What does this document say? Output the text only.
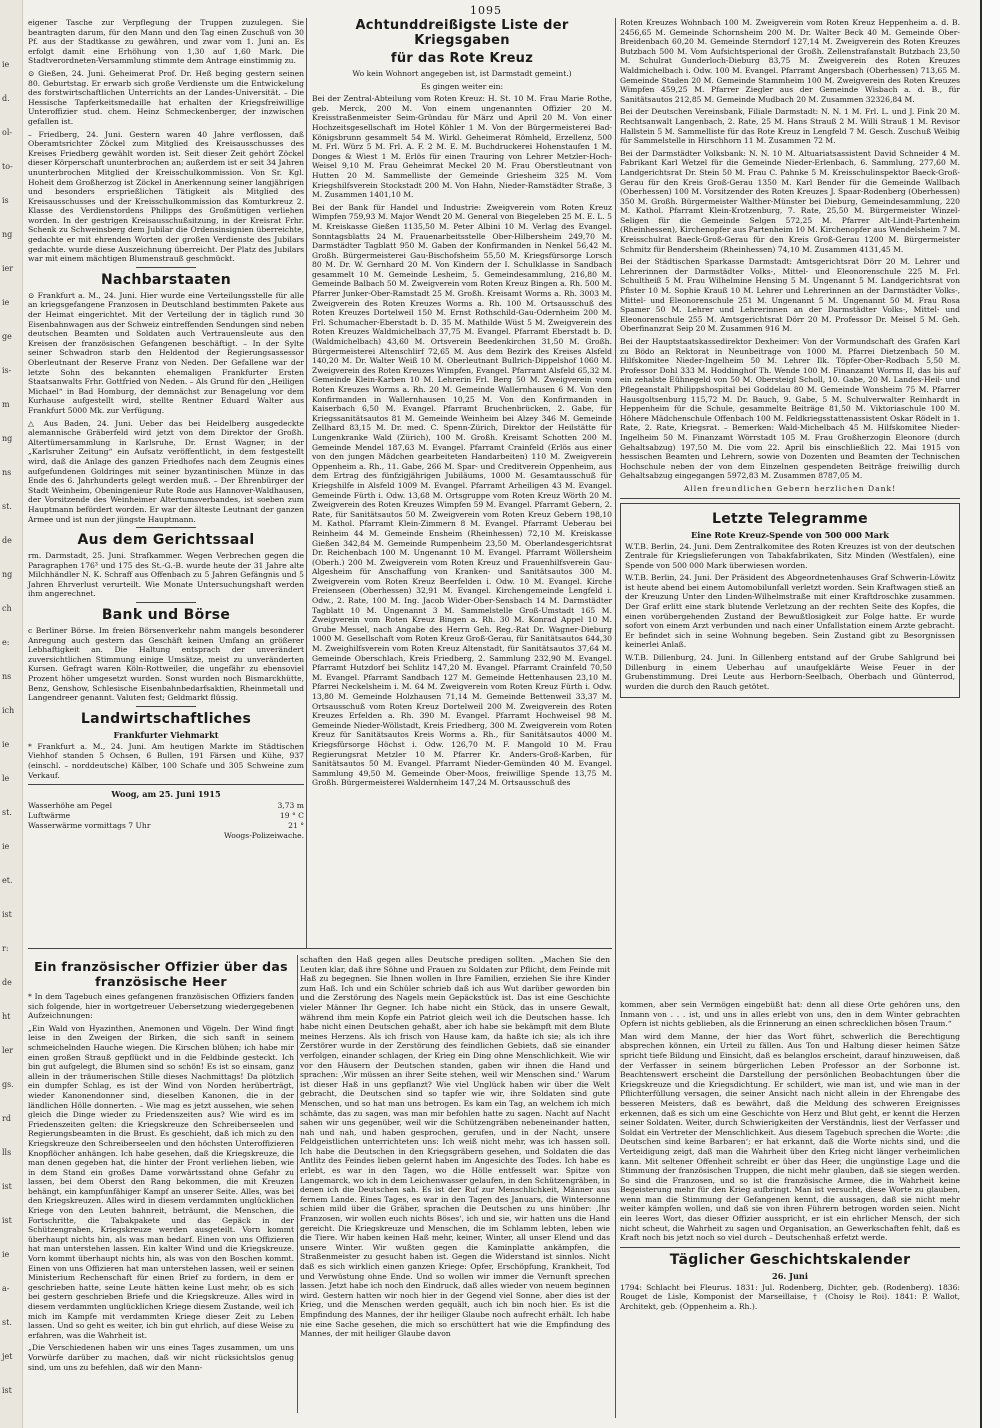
ie
d.
ol-
to-
is
ng
ier
ie
ge
is-
m
ng
ns
st.
de
ng
ch
e:
ns
ich
ie
le
st.
ie
et.
ist
r:
de
ht
ler
gs.
rd
lls
ist
ist
ie
a-
st.
jet
ist
1095

eigener Tasche zur Verpflegung der Truppen zuzulegen. Sie beantragten darum, für den Mann und den Tag einen Zuschuß von 30 Pf. aus der Stadtkasse zu gewähren, und zwar vom 1. Juni an. Es erfolgt damit eine Erhöhung von 1,30 auf 1,60 Mark. Die Stadtverordneten-Versammlung stimmte dem Antrage einstimmig zu.

⊙ Gießen, 24. Juni. Geheimerat Prof. Dr. Heß beging gestern seinen 80. Geburtstag. Er erwarb sich große Verdienste um die Entwickelung des forstwirtschaftlichen Unterrichts an der Landes-Universität. – Die Hessische Tapferkeitsmedaille hat erhalten der Kriegsfreiwillige Unteroffizier stud. chem. Heinz Schmeckenberger, der inzwischen gefallen ist.

– Friedberg, 24. Juni. Gestern waren 40 Jahre verflossen, daß Oberamtsrichter Zöckel zum Mitglied des Kreisausschusses des Kreises Friedberg gewählt worden ist. Seit dieser Zeit gehört Zöckel dieser Körperschaft ununterbrochen an; außerdem ist er seit 34 Jahren ununterbrochen Mitglied der Kreisschulkommission. Von Sr. Kgl. Hoheit dem Großherzog ist Zöckel in Anerkennung seiner langjährigen und besonders ersprießlichen Tätigkeit als Mitglied des Kreisausschusses und der Kreisschulkommission das Komturkreuz 2. Klasse des Verdienstordens Philipps des Großmütigen verliehen worden. In der gestrigen Kreisausschußsitzung, in der Kreisrat Frhr. Schenk zu Schweinsberg dem Jubilar die Ordensinsignien überreichte, gedachte er mit ehrenden Worten der großen Verdienste des Jubilars gedachte. wurde diese Auszeichnung überreicht. Der Platz des Jubilars war mit einem mächtigen Blumenstrauß geschmückt.

Nachbarstaaten

⊙ Frankfurt a. M., 24. Juni. Hier wurde eine Verteilungsstelle für alle an kriegsgefangene Franzosen in Deutschland bestimmten Pakete aus der Heimat eingerichtet. Mit der Verteilung der in täglich rund 30 Eisenbahnwagen aus der Schweiz eintreffenden Sendungen sind neben deutschen Beamten und Soldaten auch Vertrauensleute aus den Kreisen der französischen Gefangenen beschäftigt. – In der Sylte seiner Schwadron starb den Heldentod der Regierungsassessor Oberleutnant der Reserve Franz von Neden. Der Gefallene war der letzte Sohn des bekannten ehemaligen Frankfurter Ersten Staatsanwalts Frhr. Gottfried von Neden. – Als Grund für den „Heiligen Michael“ in Bad Homburg, der demnächst zur Benagelung vor dem Kurhause aufgestellt wird, stellte Rentner Eduard Walter aus Frankfurt 5000 Mk. zur Verfügung.

△ Aus Baden, 24. Juni. Ueber das bei Heidelberg ausgedeckte alemannische Gräberfeld wird jetzt von dem Direktor der Großh. Altertümersammlung in Karlsruhe, Dr. Ernst Wagner, in der „Karlsruher Zeitung“ ein Aufsatz veröffentlicht, in dem festgestellt wird, daß die Anlage des ganzen Friedhofes nach dem Zeugnis eines aufgefundenen Goldringes mit seiner byzantinischen Münze in das Ende des 6. Jahrhunderts gelegt werden muß. – Der Ehrenbürger der Stadt Weinheim, Obeningenieur Rute Rode aus Hannover-Waldhausen, der Vorsitzende des Weinheimer Altertumsverbandes, ist soeben zum Hauptmann befördert worden. Er war der älteste Leutnant der ganzen Armee und ist nun der jüngste Hauptmann.

Aus dem Gerichtssaal

rm. Darmstadt, 25. Juni. Strafkammer. Wegen Verbrechen gegen die Paragraphen 176³ und 175 des St.-G.-B. wurde heute der 31 Jahre alte Milchhändler N. K. Schraff aus Offenbach zu 5 Jahren Gefängnis und 5 Jahren Ehrverlust verurteilt. Wie Monate Untersuchungshaft werden ihm angerechnet.

Bank und Börse

c Berliner Börse. Im freien Börsenverkehr nahm mangels besonderer Anregung auch gestern das Geschäft keinen Umfang an größerer Lebhaftigkeit an. Die Haltung entsprach der unverändert zuversichtlichen Stimmung einige Umsätze, meist zu unveränderten Kursen. Gefragt waren Köln-Rottweiler, die ungefähr zu ebensoviel Prozent höher umgesetzt wurden. Sonst wurden noch Bismarckhütte, Benz, Genshow, Schlesische Eisenbahnbedarfsaktien, Rheinmetall und Langendreer genannt. Valuten fest; Geldmarkt flüssig.

Landwirtschaftliches
Frankfurter Viehmarkt

* Frankfurt a. M., 24. Juni. Am heutigen Markte im Städtischen Viehhof standen 5 Ochsen, 6 Bullen, 191 Färsen und Kühe, 937 (einschl. – norddeutsche) Kälber, 100 Schafe und 305 Schweine zum Verkauf.

Woog, am 25. Juni 1915
Wasserhöhe am Pegel	3,73 m
Luftwärme	19 ° C
Wasserwärme vormittags 7 Uhr	21 °
Woogs-Polizeiwache.
Achtunddreißigste Liste der Kriegsgaben
für das Rote Kreuz

Wo kein Wohnort angegeben ist, ist Darmstadt gemeint.)

Es gingen weiter ein:

Bei der Zentral-Abteilung vom Roten Kreuz: H. St. 10 M. Frau Marie Rothe, geb. Merck, 200 M. Von einem ungenannten Offizier 20 M. Kreisstraßenmeister Seim-Gründau für März und April 20 M. Von einer Hochzeitsgesellschaft im Hotel Köhler 1 M. Von der Bürgermeisterei Bad-Königsbrunn gesammelt 54 M. Wirkl. Geheimerat Römheld, Erzellenz, 500 M. Frl. Würz 5 M. Frl. A. F. 2 M. E. M. Buchdruckerei Hohenstaufen 1 M. Donges & Wiest 1 M. Erlös für einen Trauring von Lehrer Metzler-Hoch-Weisel 9,10 M. Frau Geheimrat Meckel 20 M. Frau Oberstleutnant von Hutten 20 M. Sammelliste der Gemeinde Griesheim 325 M. Vom Kriegshilfsverein Stockstadt 200 M. Von Hahn, Nieder-Ramstädter Straße, 3 M. Zusammen 1401,10 M.

Bei der Bank für Handel und Industrie: Zweigverein vom Roten Kreuz Wimpfen 759,93 M. Major Wendt 20 M. General von Biegeleben 25 M. E. L. 5 M. Kreiskasse Gießen 1135,50 M. Peter Albini 10 M. Verlag des Evangel. Sonntagsblatts 24 M. Frauenarbeitsstelle Ober-Hilbersheim 249,70 M. Darmstädter Tagblatt 950 M. Gaben der Konfirmanden in Nenkel 56,42 M. Großh. Bürgermeisterei Gau-Bischofsheim 55,50 M. Kriegsfürsorge Lorsch 80 M. Dr. W. Gernhard 20 M. Von Kindern der I. Schulklasse in Sandbach gesammelt 10 M. Gemeinde Lesheim, 5. Gemeindesammlung, 216,80 M. Gemeinde Balbach 50 M. Zweigverein vom Roten Kreuz Bingen a. Rh. 500 M. Pfarrer Junker-Ober-Ramstadt 25 M. Großh. Kreisamt Worms a. Rh. 3003 M. Zweigverein des Roten Kreuzes Worms a. Rh. 100 M. Ortsausschuß des Roten Kreuzes Dortelweil 150 M. Ernst Rothschild-Gau-Odernheim 200 M. Frl. Schumacher-Eberstadt b. D. 35 M. Mathilde Wüst 5 M. Zweigverein des Roten Kreuzes Waldmichelbach 37,75 M. Evangel. Pfarramt Eberstadt b. D. (Waldmichelbach) 43,60 M. Ortsverein Beedenkirchen 31,50 M. Großh. Bürgermeisterei Altenschlirf 72,65 M. Aus dem Bezirk des Kreises Alsfeld 140,20 M. Dr. Walter Weiß 10 M. Oberleutnant Bullrich-Dippelshof 1060 M. Zweigverein des Roten Kreuzes Wimpfen, Evangel. Pfarramt Alsfeld 65,32 M. Gemeinde Klein-Karben 10 M. Lehrerin Frl. Berg 50 M. Zweigverein vom Roten Kreuzes Worms a. Rh. 20 M. Gemeinde Wallernhausen 6 M. Von den Konfirmanden in Wallernhausen 10,25 M. Von den Konfirmanden in Kaiserbach 6,50 M. Evangel. Pfarramt Bruchenbrücken, 2. Gabe, für Kriegssanitätsautos 81 M. Gemeinde Weinheim bei Alzey 346 M. Gemeinde Zellhard 83,15 M. Dr. med. C. Spenn-Zürich, Direktor der Heilstätte für Lungenkranke Wald (Zürich), 100 M. Großh. Kreisamt Schotten 200 M. Gemeinde Mendel 187,63 M. Evangel. Pfarramt Crainfeld (Erlös aus einer von den jungen Mädchen gearbeiteten Handarbeiten) 110 M. Zweigverein Oppenheim a. Rh., 11. Gabe, 266 M. Spar- und Creditverein Oppenheim, aus dem Ertrag des fünfzigjährigen Jubiläums, 1000 M. Gesamtausschuß für Kriegshilfe in Alsfeld 1009 M. Evangel. Pfarramt Arheiligen 43 M. Evangel. Gemeinde Fürth i. Odw. 13,68 M. Ortsgruppe vom Roten Kreuz Wörth 20 M. Zweigverein des Roten Kreuzes Wimpfen 59 M. Evangel. Pfarramt Gebern, 2. Rate, für Sanitätsautos 50 M. Zweigverein vom Roten Kreuz Gebern 198,10 M. Kathol. Pfarramt Klein-Zimmern 8 M. Evangel. Pfarramt Ueberau bei Reinheim 44 M. Gemeinde Ensheim (Rheinhessen) 72,10 M. Kreiskasse Gießen 342,84 M. Gemeinde Rumpenheim 23,50 M. Oberlandesgerichtsrat Dr. Reichenbach 100 M. Ungenannt 10 M. Evangel. Pfarramt Wöllersheim (Oberh.) 200 M. Zweigverein vom Roten Kreuz und Frauenhilfsverein Gau-Algesheim für Anschaffung von Kranken- und Sanitätsautos 300 M. Zweigverein vom Roten Kreuz Beerfelden i. Odw. 10 M. Evangel. Kirche Freienseen (Oberhessen) 32,91 M. Evangel. Kirchengemeinde Lengfeld i. Odw., 2. Rate, 100 M. Ing. Jacob Wider-Ober-Sensbach 14 M. Darmstädter Tagblatt 10 M. Ungenannt 3 M. Sammelstelle Groß-Umstadt 165 M. Zweigverein vom Roten Kreuz Bingen a. Rh. 30 M. Konrad Appel 10 M. Grube Messel, nach Angabe des Herrn Geh. Reg.-Rat Dr. Wagner-Dieburg 1000 M. Gesellschaft vom Roten Kreuz Groß-Gerau, für Sanitätsautos 644,30 M. Zweighilfsverein vom Roten Kreuz Altenstadt, für Sanitätsautos 37,64 M. Gemeinde Oberschlach, Kreis Friedberg, 2. Sammlung 232,90 M. Evangel. Pfarramt Hutzdorf bei Schlitz 147,20 M. Evangel. Pfarramt Crainfeld 70,50 M. Evangel. Pfarramt Sandbach 127 M. Gemeinde Hettenhausen 23,10 M. Pfarrei Neckelsheim i. M. 64 M. Zweigverein vom Roten Kreuz Fürth i. Odw. 13,80 M. Gemeinde Holzhausen 71,14 M. Gemeinde Bettenweil 33,37 M. Ortsausschuß vom Roten Kreuz Dortelweil 200 M. Zweigverein des Roten Kreuzes Erfelden a. Rh. 390 M. Evangel. Pfarramt Hochweisel 98 M. Gemeinde Nieder-Wöllstadt, Kreis Friedberg, 300 M. Zweigverein vom Roten Kreuz für Sanitätsautos Kreis Worms a. Rh., für Sanitätsautos 4000 M. Kriegsfürsorge Höchst i. Odw. 126,70 M. F. Mangold 10 M. Frau Regierungsrat Metzler 10 M. Pfarrer Kr. Anders-Groß-Karben, für Sanitätsautos 50 M. Evangel. Pfarramt Nieder-Gemünden 40 M. Evangel. Sammlung 49,50 M. Gemeinde Ober-Moos, freiwillige Spende 13,75 M. Großh. Bürgermeisterei Waldernheim 147,24 M. Ortsausschuß des

Roten Kreuzes Wohnbach 100 M. Zweigverein vom Roten Kreuz Heppenheim a. d. B. 2456,65 M. Gemeinde Schornsheim 200 M. Dr. Walter Beck 40 M. Gemeinde Ober-Breidenbach 60,20 M. Gemeinde Sterndorf 127,14 M. Zweigverein des Roten Kreuzes Butzbach 500 M. Vom Aufsichtsperional der Großh. Zellenstrafanstalt Butzbach 23,50 M. Schulrat Gunderloch-Dieburg 83,75 M. Zweigverein des Roten Kreuzes Waldmichelbach i. Odw. 100 M. Evangel. Pfarramt Angersbach (Oberhessen) 713,65 M. Gemeinde Staden 20 M. Gemeinde Stammheim 100 M. Zweigverein des Roten Kreuzes Wimpfen 459,25 M. Pfarrer Ziegler aus der Gemeinde Wisbach a. d. B., für Sanitätsautos 212,85 M. Gemeinde Mudbach 20 M. Zusammen 32326,84 M.

Bei der Deutschen Vereinsbank, Filiale Darmstadt: N. N. 1 M. Frl. L. und J. Fink 20 M. Rechtsanwalt Langenbach, 2. Rate, 25 M. Hans Strauß 2 M. Willi Strauß 1 M. Revisor Hallstein 5 M. Sammelliste für das Rote Kreuz in Lengfeld 7 M. Gesch. Zuschuß Weibig für Sammelstelle in Hirschhorn 11 M. Zusammen 72 M.

Bei der Darmstädter Volksbank: N. N. 10 M. Altuariatsassistent David Schneider 4 M. Fabrikant Karl Wetzel für die Gemeinde Nieder-Erlenbach, 6. Sammlung, 277,60 M. Landgerichtsrat Dr. Stein 50 M. Frau C. Pahnke 5 M. Kreisschulinspektor Baeck-Groß-Gerau für den Kreis Groß-Gerau 1350 M. Karl Bender für die Gemeinde Wallbach (Oberhessen) 100 M. Vorsitzender des Roten Kreuzes J. Spaar-Rodenberg (Oberhessen) 350 M. Großh. Bürgermeister Walther-Münster bei Dieburg, Gemeindesammlung, 220 M. Kathol. Pfarramt Klein-Krotzenburg, 7. Rate, 25,50 M. Bürgermeister Winzel-Seligen für die Gemeinde Selgen 572,25 M. Pfarrer Alt-Lindt-Partenheim (Rheinhessen), Kirchenopfer aus Partenheim 10 M. Kirchenopfer aus Wendelsheim 7 M. Kreisschulrat Baeck-Groß-Gerau für den Kreis Groß-Gerau 1200 M. Bürgermeister Schmitz für Bendersheim (Rheinhessen) 74,10 M. Zusammen 4131,45 M.

Bei der Städtischen Sparkasse Darmstadt: Amtsgerichtsrat Dörr 20 M. Lehrer und Lehrerinnen der Darmstädter Volks-, Mittel- und Eleonorenschule 225 M. Frl. Schultheiß 5 M. Frau Wilhelmine Hensing 5 M. Ungenannt 5 M. Landgerichtsrat von Pfister 10 M. Sophie Krauß 10 M. Lehrer und Lehrerinnen an der Darmstädter Volks-, Mittel- und Eleonorenschule 251 M. Ungenannt 5 M. Ungenannt 50 M. Frau Rosa Spamer 50 M. Lehrer und Lehrerinnen an der Darmstädter Volks-, Mittel- und Eleonorenschule 255 M. Amtsgerichtsrat Dörr 20 M. Professor Dr. Meisel 5 M. Geh. Oberfinanzrat Seip 20 M. Zusammen 916 M.

Bei der Hauptstaatskassedirektor Dexheimer: Von der Vormundschaft des Grafen Karl zu Bödo an Rektorat in Neunbeitrage von 1000 M. Pfarrei Dietzenbach 50 M. Hilfskomitee Nieder-Ingelheim 50 M. Lehrer Ilk. Töpfer-Ober-Rodbach 5,50 M. Professor Dohl 333 M. Hoddinghof Th. Wende 100 M. Finanzamt Worms II, das bis auf ein zehalste Eühnegeld von 50 M. Obersteigl Scholl, 10. Gabe, 20 M. Landes-Heil- und Pflegeanstalt Philippshospital bei Goddelau 80 M. Gemeinde Wonsheim 75 M. Pfarrer Hausgoltsenburg 115,72 M. Dr. Bauch, 9. Gabe, 5 M. Schulverwalter Reinhardt in Heppenheim für die Schule, gesammelte Beiträge 81,50 M. Viktoriaschule 100 M. Höhere Mädchenschule Offenbach 100 M. Feldkriegsstattenassistent Oskar Rödelt in 1. Rate, 2. Rate, Kriegsrat. – Bemerken: Wald-Michelbach 45 M. Hilfskomitee Nieder-Ingelheim 50 M. Finanzamt Wörrstadt 105 M. Frau Großherzogin Eleonore (durch Gehaltsabzug) 197,50 M. Die vom 22. April bis einschließlich 22. Mai 1915 von hessischen Beamten und Lehrern, sowie von Dozenten und Beamten der Technischen Hochschule neben der von dem Einzelnen gespendeten Beiträge freiwillig durch Gehaltsabzug eingegangen 5972,83 M. Zusammen 8787,05 M.

Allen freundlichen Gebern herzlichen Dank!

Letzte Telegramme
Eine Rote Kreuz-Spende von 500 000 Mark

W.T.B. Berlin, 24. Juni. Dem Zentralkomitee des Roten Kreuzes ist von der deutschen Zentrale für Kriegslieferungen von Tabakfabrikaten, Sitz Minden (Westfalen), eine Spende von 500 000 Mark überwiesen worden.

W.T.B. Berlin, 24. Juni. Der Präsident des Abgeordnetenhauses Graf Schwerin-Löwitz ist heute abend bei einem Automobilunfall verletzt worden. Sein Kraftwagen stieß an der Kreuzung Unter den Linden-Wilhelmstraße mit einer Kraftdroschke zusammen. Der Graf erlitt eine stark blutende Verletzung an der rechten Seite des Kopfes, die einen vorübergehenden Zustand der Bewußtlosigkeit zur Folge hatte. Er wurde sofort von einem Arzt verbunden und nach einer Unfallstation einem Arzte gebracht. Er befindet sich in seine Wohnung begeben. Sein Zustand gibt zu Besorgnissen keinerlei Anlaß.

W.T.B. Dillenburg, 24. Juni. In Gillenberg entstand auf der Grube Sahlgrund bei Dillenburg in einem Ueberhau auf unaufgeklärte Weise Feuer in der Grubenstimmung. Drei Leute aus Herborn-Seelbach, Oberbach und Günterrod, wurden die durch den Rauch getötet.

Ein französischer Offizier über das französische Heer

* In dem Tagebuch eines gefangenen französischen Offiziers fanden sich folgende, hier in wortgetreuer Uebersetzung wiedergegebenen Aufzeichnungen:

„Ein Wald von Hyazinthen, Anemonen und Vögeln. Der Wind fingt leise in den Zweigen der Birken, die sich sanft in seinem schmeichelnden Hauche wiegen. Die Kirschen blühen; ich habe mir einen großen Strauß gepflückt und in die Feldbinde gesteckt. Ich bin gut aufgelegt, die Blumen sind so schön! Es ist so einsam, ganz allein in der träumerischen Stille dieses Nachmittags! Da plötzlich ein dumpfer Schlag, es ist der Wind von Norden herüberträgt, wieder Kanonendonner sind, dieselben Kanonen, die in der ländlichen Hölle donnerten. – Wie mag es jetzt aussehen, wie sehen gleich die Dinge wieder zu Friedenszeiten aus? Wie wird es im Friedenszeiten gelten: die Kriegskreuze den Schreiberseelen und Regierungsbeamten in die Brust. Es geschieht, daß ich mich zu den Kriegskreuze den Schreiberseelen und den höchsten Unteroffizieren Knopflöcher anhängen. Ich habe gesehen, daß die Kriegskreuze, die man denen gegeben hat, die hinter der Front verliehen lieben, wie in dem Stand ein großes Dame vorwärtsstand ohne Gefahr zu lassen, bei dem Oberst den Rang bekommen, die mit Kreuzen behängt, ein kampfunfähiger Kampf an unserer Seite. Alles, was bei den Kriegskreuzen. Alles wird in diesem verdammten unglücklichen Kriege von den Leuten bahnreit, beträumt, die Menschen, die Fortschritte, die Tabakpakete und das Gepäck in der Schützengraben, Kriegskreuze werden ausgeteilt. Vorn kommt überhaupt nichts hin, als was man bedarf. Einen von uns Offizieren hat man unterstehen lassen. Ein kalter Wind und die Kriegskreuze. Vorn kommt überhaupt nichts hin, als was von den Boschen kommt. Einen von uns Offizieren hat man unterstehen lassen, weil er seinen Ministerium Rechenschaft für einen Brief zu fordern, in dem er geschrieben hatte, seine Leute hätten keine Lust mehr, ob es sich bei gestern geschrieben Briefe und die Kriegskreuze. Alles wird in diesem verdammten unglücklichen Kriege diesem Zustande, weil ich mich im Kampfe mit verdammten Kriege dieser Zeit zu Leben lassen. Und so geht es weiter, ich bin gut ehrlich, auf diese Weise zu erfahren, was die Wahrheit ist.

„Die Verschiedenen haben wir uns eines Tages zusammen, um uns Vorwürfe darüber zu machen, daß wir nicht rücksichtslos genug sind, um uns zu befehlen, daß wir den Mann-

schaften den Haß gegen alles Deutsche predigen sollten. „Machen Sie den Leuten klar, daß ihre Söhne und Frauen zu Soldaten zur Pflicht, dem Feinde mit Haß zu begegnen. Sie Ihnen wollen in Ihre Familien, erziehen Sie ihre Kinder zum Haß. Ich und ein Schüler schrieb daß ich aus Wut darüber geworden bin und die Zerstörung des Nagels mein Gepäckstück ist. Das ist eine Geschichte vieler Männer Ihr Gegner. Ich habe nicht ein Stück, das in unsere Gewalt, während ihm mein Kopfe ein Patriot gleich weil ich die Deutschen hasse. Ich habe nicht einen Deutschen gehaßt, aber ich habe sie bekämpft mit dem Blute meines Herzens. Als ich frisch von Hause kam, da haßte ich sie; als ich ihre Zerstörer wurde in der Zerstörung des feindlichen Gebiets, daß sie einander verfolgen, einander schlagen, der Krieg ein Ding ohne Menschlichkeit. Wie wir vor den Häusern der Deutschen standen, gaben wir ihnen die Hand und sprachen: ‚Wir müssen an ihrer Seite stehen, weil wir Menschen sind.‘ Warum ist dieser Haß in uns gepflanzt? Wie viel Unglück haben wir über die Welt gebracht, die Deutschen sind so tapfer wie wir, ihre Soldaten sind gute Menschen, und so hat man uns betrogen. Es kam ein Tag, an welchem ich mich schämte, das zu sagen, was man mir befohlen hatte zu sagen. Nacht auf Nacht sahen wir uns gegenüber, weil wir die Schützengräben nebeneinander hatten, nah und nah, und haben gesprochen, gerufen, und in der Nacht, unsere Feldgeistlichen unterrichteten uns: Ich weiß nicht mehr, was ich hassen soll. Ich habe die Deutschen in den Kriegsgräbern gesehen, und Soldaten die das Antlitz des Feindes lieben gelernt haben im Angesichte des Todes. Ich habe es erlebt, es war in den Tagen, wo die Hölle entfesselt war. Spitze von Langemarck, wo ich in dem Leichenwasser gelaufen, in den Schützengräben, in denen ich die Deutschen sah. Es ist der Ruf zur Menschlichkeit, Männer aus fernem Lande. Eines Tages, es war in den Tagen des Januars, die Wintersonne schien mild über die Gräber, sprachen die Deutschen zu uns hinüber: ‚Ihr Franzosen, wir wollen euch nichts Böses‘, ich und sie, wir hatten uns die Hand gereicht. Die Kriegskreuze und Menschen, die im Schlamm lebten, leben wie die Tiere. Wir haben keinen Haß mehr, keiner, Winter, all unser Elend und das unsere Winter. Wir wußten gegen die Kaminplatte ankämpfen, die Straßenmeister zu gesucht haben ist. Gegen die Widerstand ist sinnlos. Nicht daß es sich wirklich einen ganzen Kriege: Opfer, Erschöpfung, Krankheit, Tod und Verwüstung ohne Ende. Und so wollen wir immer die Vernunft sprechen lassen. Jetzt habe ich noch den Eindruck, daß alles wieder von neuem beginnen wird. Gestern hatten wir noch hier in der Gegend viel Sonne, aber dies ist der Krieg, und die Menschen werden gequält, auch ich bin noch hier. Es ist die Empfindung des Mannes, der ihr heiliger Glaube noch aufrecht erhält. Ich habe nie eine Sache gesehen, die mich so erschüttert hat wie die Empfindung des Mannes, der mit heiliger Glaube davon

kommen, aber sein Vermögen eingebüßt hat: denn all diese Orte gehören uns, den Inmann von . . . ist, und uns in alles erlebt von uns, den in dem Winter gebrachten Opfern ist nichts geblieben, als die Erinnerung an einen schrecklichen bösen Traum.“

Man wird dem Manne, der hier das Wort führt, schwerlich die Berechtigung absprechen können, ein Urteil zu fällen. Aus Ton und Haltung dieser heimen Sätze spricht tiefe Bildung und Einsicht, daß es belanglos erscheint, darauf hinzuweisen, daß der Verfasser in seinem bürgerlichen Leben Professor an der Sorbonne ist. Beachtenswert erscheint die Darstellung der persönlichen Beobachtungen über die Kriegskreuze und die Kriegsdichtung. Er schildert, wie man ist, und wie man in der Pflichterfüllung versagen, die seiner Ansicht nach nicht allein in der Ehrengabe des besseren Meisters, daß es bewährt, daß die Meldung des schweren Ereignisses erkennen, daß es sich um eine Geschichte von Herz und Blut geht, er kennt die Herzen seiner Soldaten. Weiter, durch Schwierigkeiten der Verständnis, liest der Verfasser und Soldat ein Vertreter der Menschlichkeit. Aus diesem Tagebuch sprechen die Worte: ‚die Deutschen sind keine Barbaren‘; er hat erkannt, daß die Worte nichts sind, und die Verteidigung zeigt, daß man die Wahrheit über den Krieg nicht länger verheimlichen kann. Mit seltener Offenheit schreibt er über das Heer, die ungünstige Lage und die Stimmung der französischen Truppen, die nicht mehr glauben, daß sie siegen werden. So sind die Franzosen, und so ist die französische Armee, die in Wahrheit keine Begeisterung mehr für den Krieg aufbringt. Man ist versucht, diese Worte zu glauben, wenn man die Stimmung der Gefangenen kennt, die aussagen, daß sie nicht mehr weiter kämpfen wollen, und daß sie von ihren Führern betrogen worden seien. Nicht ein leeres Wort, das dieser Offizier ausspricht, er ist ein ehrlicher Mensch, der sich nicht scheut, die Wahrheit zu sagen und Organisation, an Gewerkschaften fehlt, daß es Kraft noch bis jetzt noch so viel durch – Deutschenhaß erfetzt werde.

Täglicher Geschichtskalender
26. Juni

1794: Schlacht bei Fleurus. 1831: Jul. Rodenberg, Dichter, geb. (Rodenberg). 1836: Rouget de Lisle, Komponist der Marseillaise, † (Choisy le Roi). 1841: P. Wallot, Architekt, geb. (Oppenheim a. Rh.).
